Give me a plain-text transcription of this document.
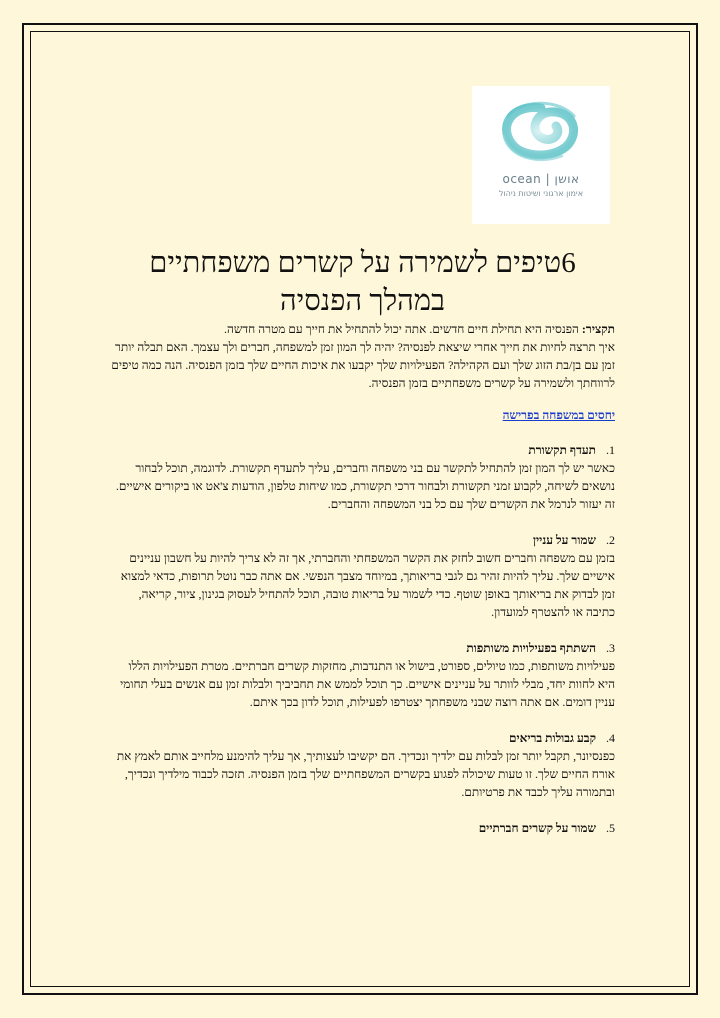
ocean | אושן
אימון ארגוני ושיטות ניהול
6טיפים לשמירה על קשרים משפחתיים
במהלך הפנסיה

תקציר: הפנסיה היא תחילת חיים חדשים. אתה יכול להתחיל את חייך עם מטרה חדשה.

איך תרצה לחיות את חייך אחרי שיצאת לפנסיה? יהיה לך המון זמן למשפחה, חברים ולך עצמך. האם תבלה יותר זמן עם בן/בת הזוג שלך ועם הקהילה? הפעילויות שלך יקבעו את איכות החיים שלך בזמן הפנסיה. הנה כמה טיפים לרווחתך ולשמירה על קשרים משפחתיים בזמן הפנסיה.

יחסים במשפחה בפרישה
1.תעדף תקשורת

כאשר יש לך המון זמן להתחיל לתקשר עם בני משפחה וחברים, עליך לתעדף תקשורת. לדוגמה, תוכל לבחור נושאים לשיחה, לקבוע זמני תקשורת ולבחור דרכי תקשורת, כמו שיחות טלפון, הודעות צ'אט או ביקורים אישיים. זה יעזור לנרמל את הקשרים שלך עם כל בני המשפחה והחברים.

2.שמור על עניין

בזמן עם משפחה וחברים חשוב לחזק את הקשר המשפחתי והחברתי, אך זה לא צריך להיות על חשבון עניינים אישיים שלך. עליך להיות זהיר גם לגבי בריאותך, במיוחד מצבך הנפשי. אם אתה כבר נוטל תרופות, כדאי למצוא זמן לבדוק את בריאותך באופן שוטף. כדי לשמור על בריאות טובה, תוכל להתחיל לעסוק בגינון, ציור, קריאה, כתיבה או להצטרף למועדון.

3.השתתף בפעילויות משותפות

פעילויות משותפות, כמו טיולים, ספורט, בישול או התנדבות, מחזקות קשרים חברתיים. מטרת הפעילויות הללו היא לחוות יחד, מבלי לוותר על עניינים אישיים. כך תוכל לממש את תחביביך ולבלות זמן עם אנשים בעלי תחומי עניין דומים. אם אתה רוצה שבני משפחתך יצטרפו לפעילות, תוכל לדון בכך איתם.

4.קבע גבולות בריאים

כפנסיונר, תקבל יותר זמן לבלות עם ילדיך ונכדיך. הם יקשיבו לעצותיך, אך עליך להימנע מלחייב אותם לאמץ את אורח החיים שלך. זו טעות שיכולה לפגוע בקשרים המשפחתיים שלך בזמן הפנסיה. תזכה לכבוד מילדיך ונכדיך, ובתמורה עליך לכבד את פרטיותם.

5.שמור על קשרים חברתיים
